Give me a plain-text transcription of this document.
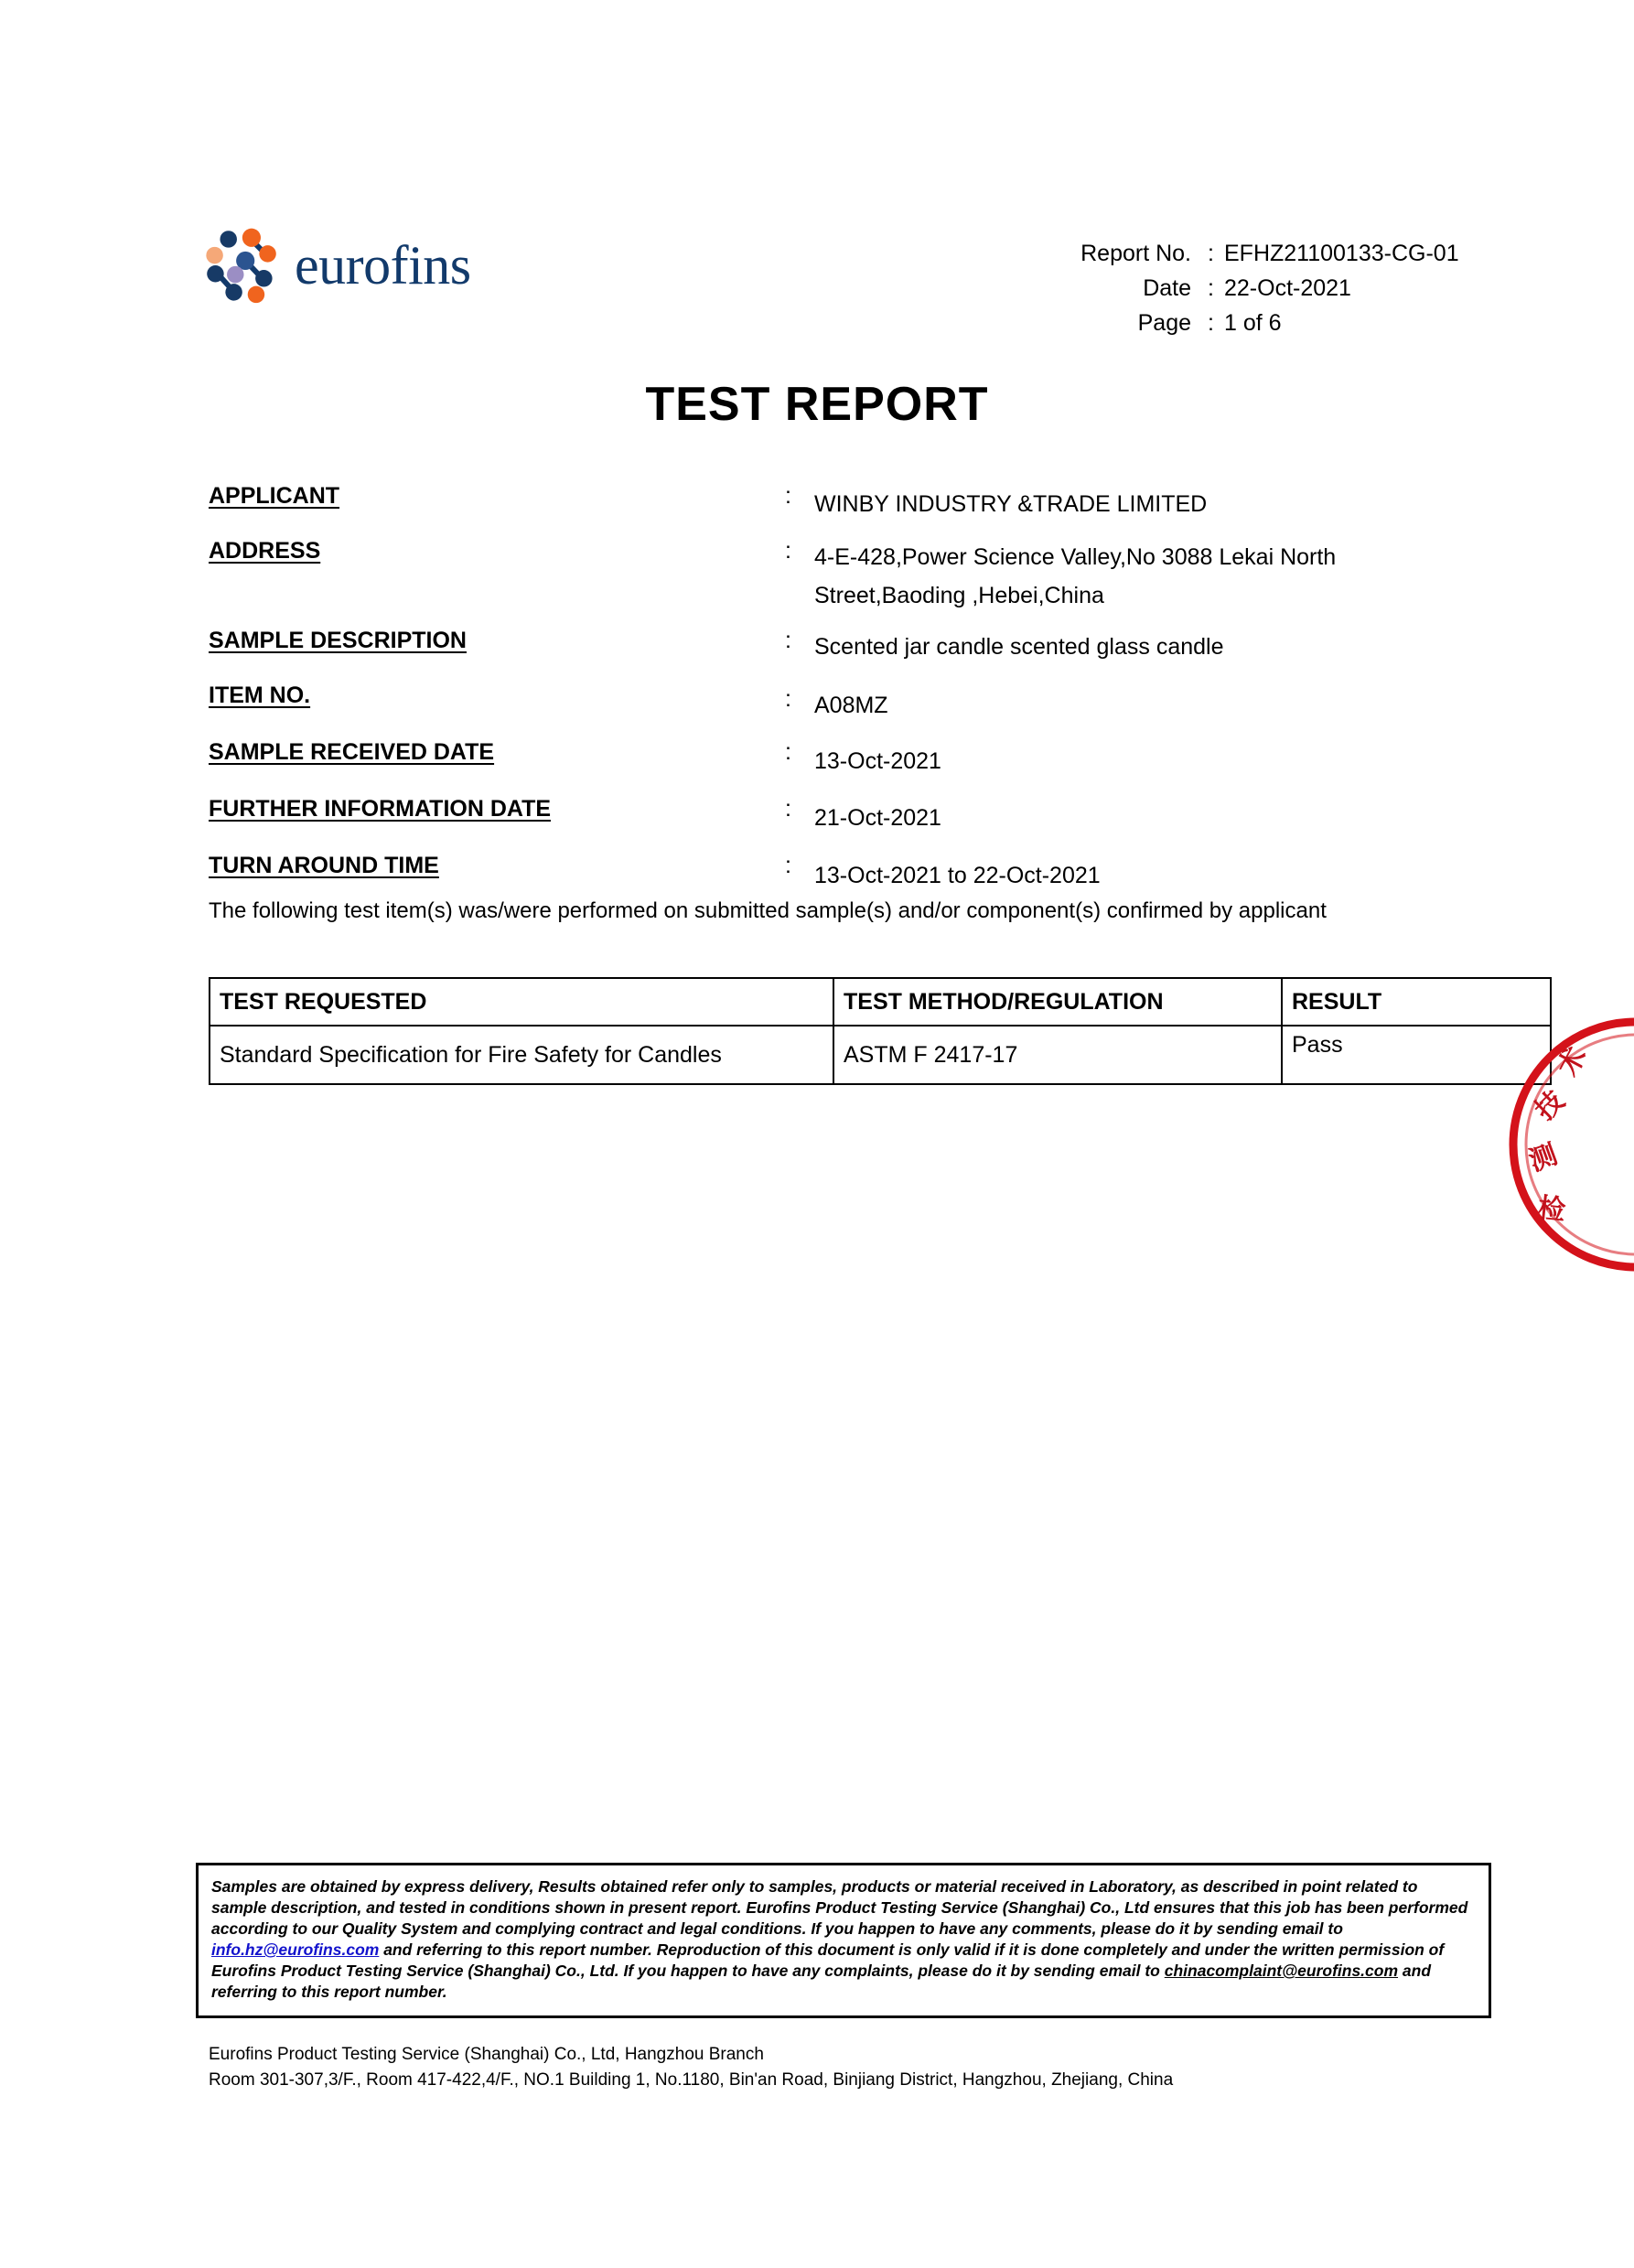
eurofins	Report No. : EFHZ21100133-CG-01
Date : 22-Oct-2021
Page : 1 of 6
TEST REPORT
APPLICANT	:	WINBY INDUSTRY &TRADE LIMITED
ADDRESS	:	4-E-428,Power Science Valley,No 3088 Lekai North
Street,Baoding ,Hebei,China
SAMPLE DESCRIPTION	:	Scented jar candle scented glass candle
ITEM NO.	:	A08MZ
SAMPLE RECEIVED DATE	:	13-Oct-2021
FURTHER INFORMATION DATE	:	21-Oct-2021
TURN AROUND TIME	:	13-Oct-2021 to 22-Oct-2021
The following test item(s) was/were performed on submitted sample(s) and/or component(s) confirmed by applicant
TEST REQUESTED	TEST METHOD/REGULATION	RESULT
Standard Specification for Fire Safety for Candles	ASTM F 2417-17	Pass	术
技
测
检
Samples are obtained by express delivery, Results obtained refer only to samples, products or material received in Laboratory, as described in point related to sample description, and tested in conditions shown in present report. Eurofins Product Testing Service (Shanghai) Co., Ltd ensures that this job has been performed according to our Quality System and complying contract and legal conditions. If you happen to have any comments, please do it by sending email to info.hz@eurofins.com and referring to this report number. Reproduction of this document is only valid if it is done completely and under the written permission of Eurofins Product Testing Service (Shanghai) Co., Ltd. If you happen to have any complaints, please do it by sending email to chinacomplaint@eurofins.com and referring to this report number.
Eurofins Product Testing Service (Shanghai) Co., Ltd, Hangzhou Branch
Room 301-307,3/F., Room 417-422,4/F., NO.1 Building 1, No.1180, Bin'an Road, Binjiang District, Hangzhou, Zhejiang, China
